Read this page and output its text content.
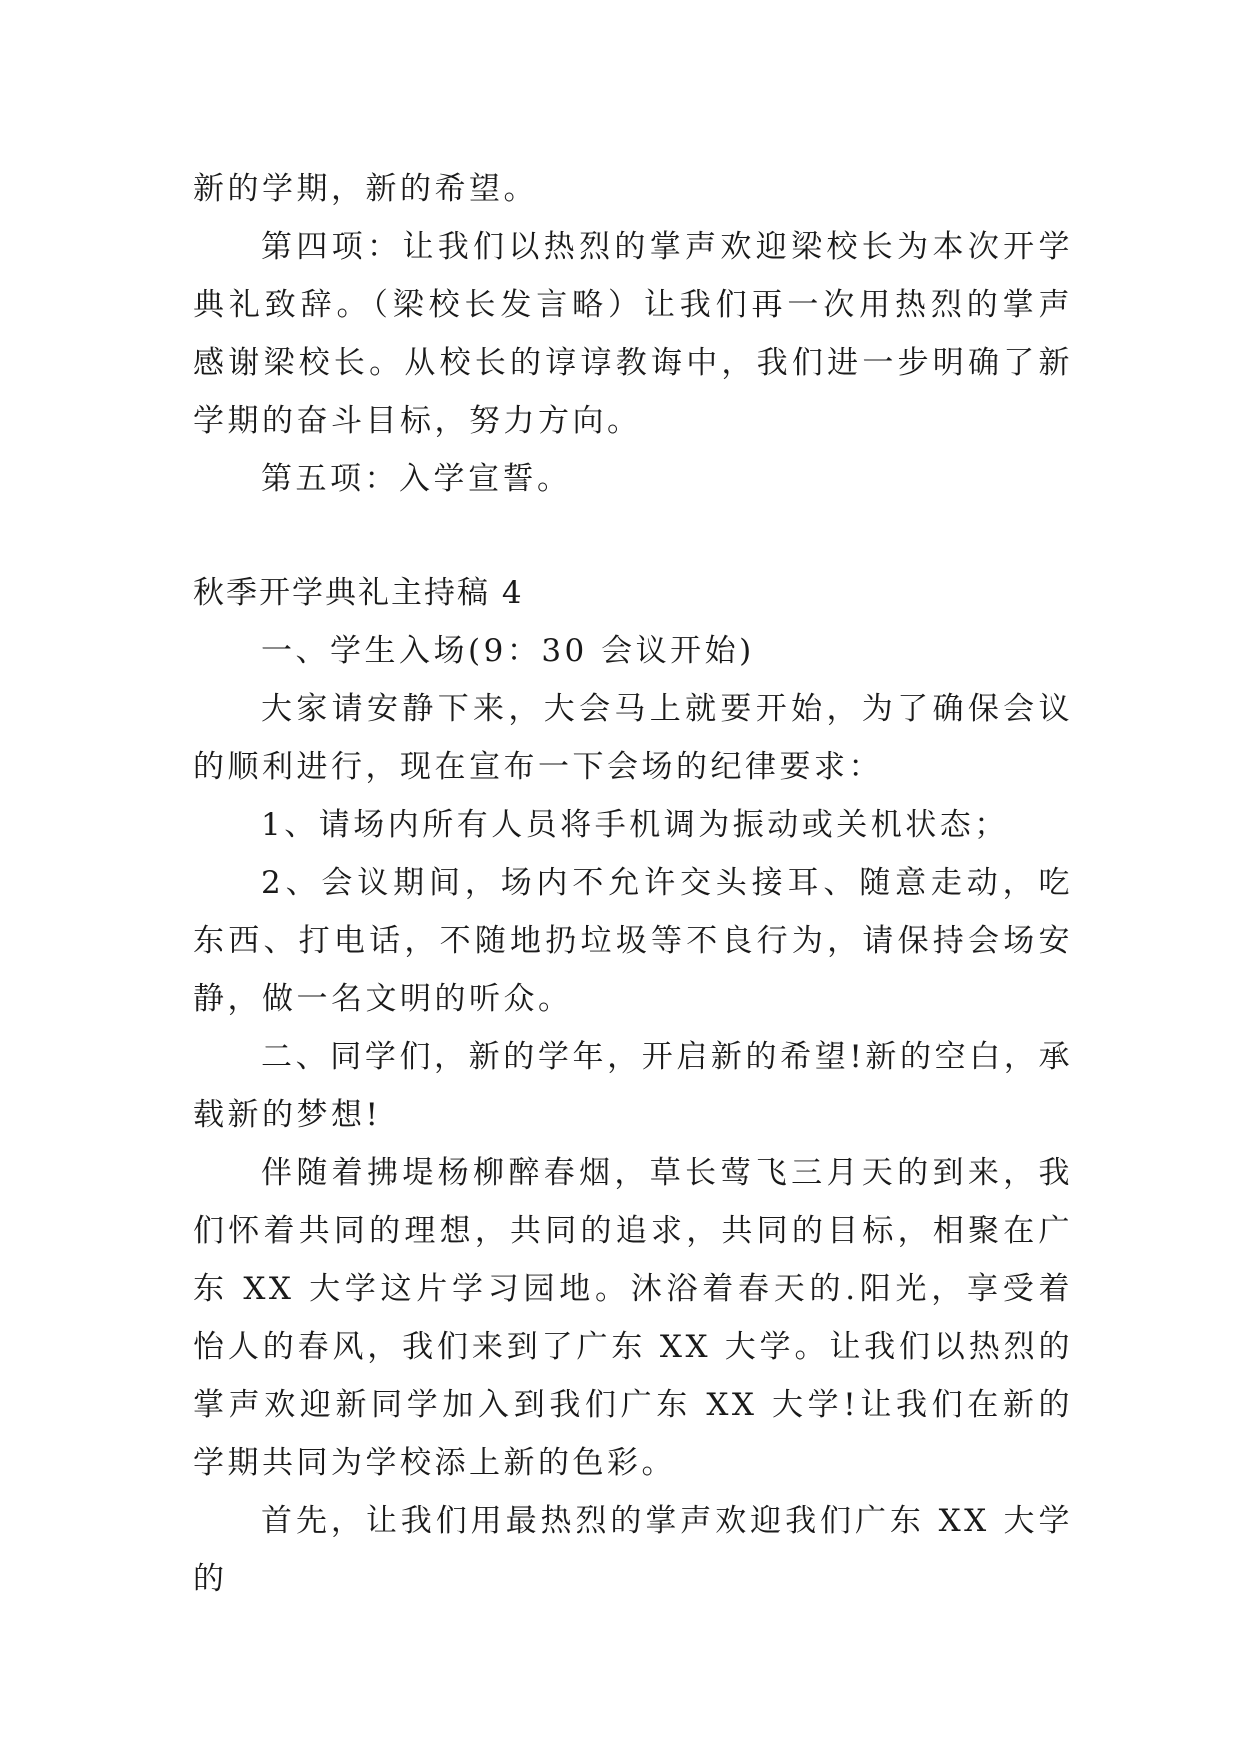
新的学期，新的希望。

第四项：让我们以热烈的掌声欢迎梁校长为本次开学典礼致辞。（梁校长发言略）让我们再一次用热烈的掌声感谢梁校长。从校长的谆谆教诲中，我们进一步明确了新学期的奋斗目标，努力方向。

第五项：入学宣誓。

秋季开学典礼主持稿 4

一、学生入场(9：30 会议开始)

大家请安静下来，大会马上就要开始，为了确保会议的顺利进行，现在宣布一下会场的纪律要求：

1、请场内所有人员将手机调为振动或关机状态；

2、会议期间，场内不允许交头接耳、随意走动，吃东西、打电话，不随地扔垃圾等不良行为，请保持会场安静，做一名文明的听众。

二、同学们，新的学年，开启新的希望!新的空白，承载新的梦想!

伴随着拂堤杨柳醉春烟，草长莺飞三月天的到来，我们怀着共同的理想，共同的追求，共同的目标，相聚在广东 XX 大学这片学习园地。沐浴着春天的.阳光，享受着怡人的春风，我们来到了广东 XX 大学。让我们以热烈的掌声欢迎新同学加入到我们广东 XX 大学!让我们在新的学期共同为学校添上新的色彩。

首先，让我们用最热烈的掌声欢迎我们广东 XX 大学的
